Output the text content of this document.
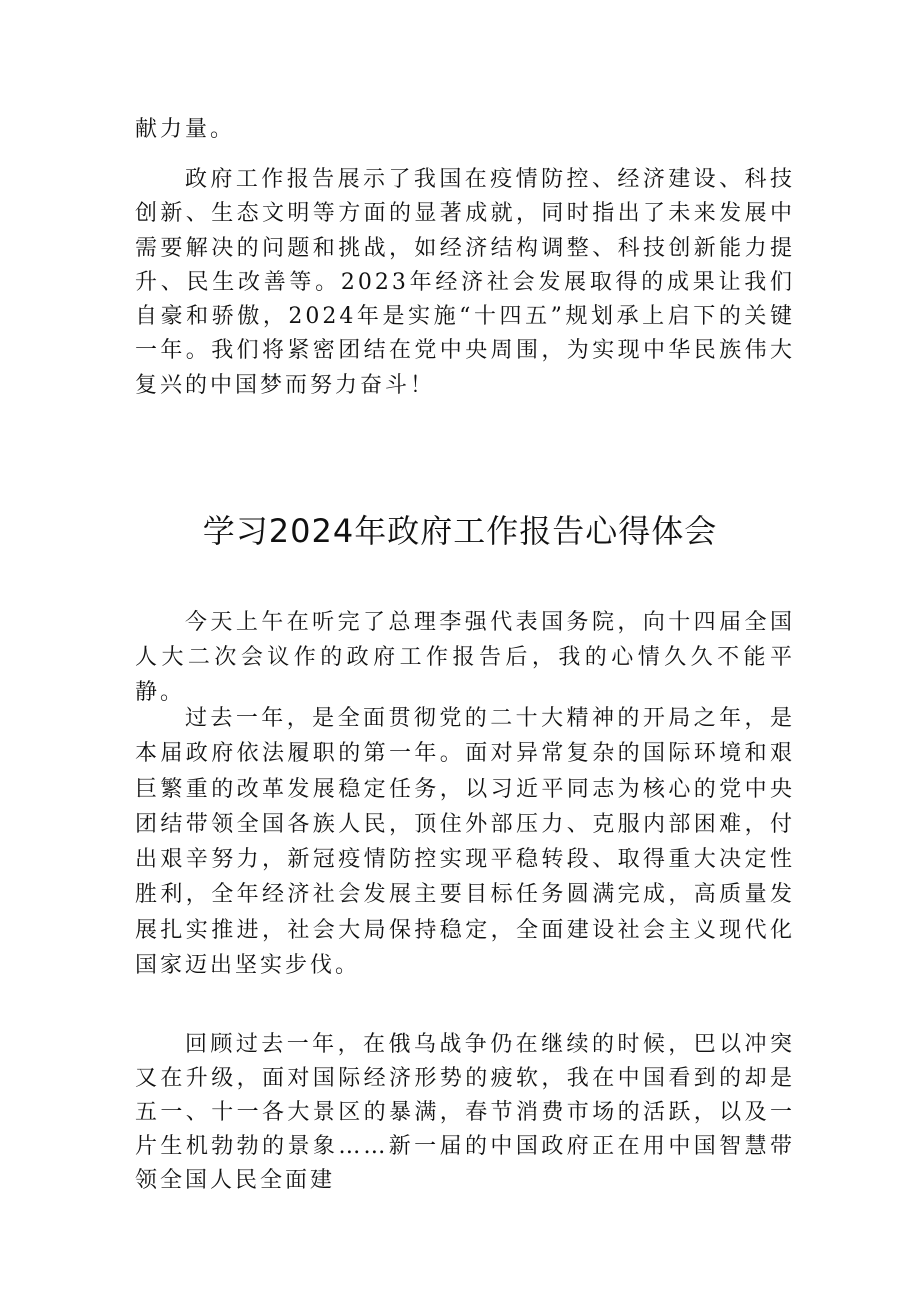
献力量。

政府工作报告展示了我国在疫情防控、经济建设、科技创新、生态文明等方面的显著成就，同时指出了未来发展中需要解决的问题和挑战，如经济结构调整、科技创新能力提升、民生改善等。2023年经济社会发展取得的成果让我们自豪和骄傲，2024年是实施“十四五”规划承上启下的关键一年。我们将紧密团结在党中央周围，为实现中华民族伟大复兴的中国梦而努力奋斗！

学习2024年政府工作报告心得体会

今天上午在听完了总理李强代表国务院，向十四届全国人大二次会议作的政府工作报告后，我的心情久久不能平静。

过去一年，是全面贯彻党的二十大精神的开局之年，是本届政府依法履职的第一年。面对异常复杂的国际环境和艰巨繁重的改革发展稳定任务，以习近平同志为核心的党中央团结带领全国各族人民，顶住外部压力、克服内部困难，付出艰辛努力，新冠疫情防控实现平稳转段、取得重大决定性胜利，全年经济社会发展主要目标任务圆满完成，高质量发展扎实推进，社会大局保持稳定，全面建设社会主义现代化国家迈出坚实步伐。

回顾过去一年，在俄乌战争仍在继续的时候，巴以冲突又在升级，面对国际经济形势的疲软，我在中国看到的却是五一、十一各大景区的暴满，春节消费市场的活跃，以及一片生机勃勃的景象……新一届的中国政府正在用中国智慧带领全国人民全面建
